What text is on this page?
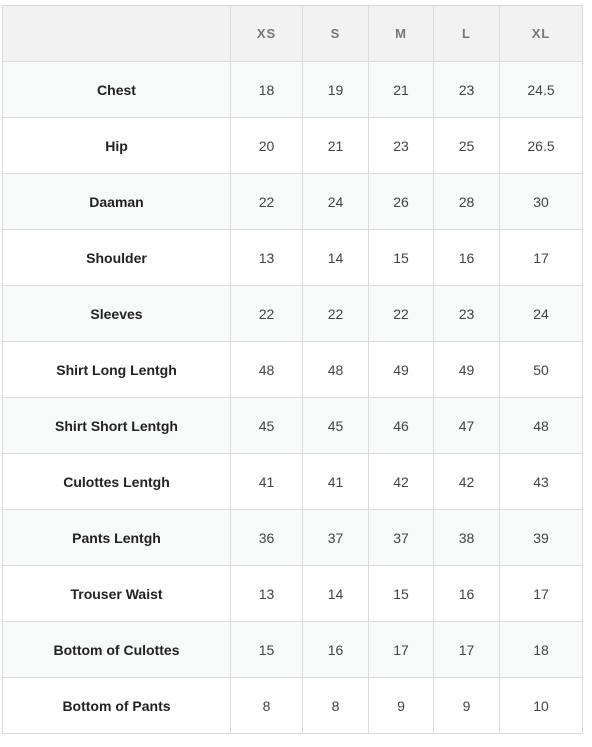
	XS	S	M	L	XL
Chest	18	19	21	23	24.5
Hip	20	21	23	25	26.5
Daaman	22	24	26	28	30
Shoulder	13	14	15	16	17
Sleeves	22	22	22	23	24
Shirt Long Lentgh	48	48	49	49	50
Shirt Short Lentgh	45	45	46	47	48
Culottes Lentgh	41	41	42	42	43
Pants Lentgh	36	37	37	38	39
Trouser Waist	13	14	15	16	17
Bottom of Culottes	15	16	17	17	18
Bottom of Pants	8	8	9	9	10
